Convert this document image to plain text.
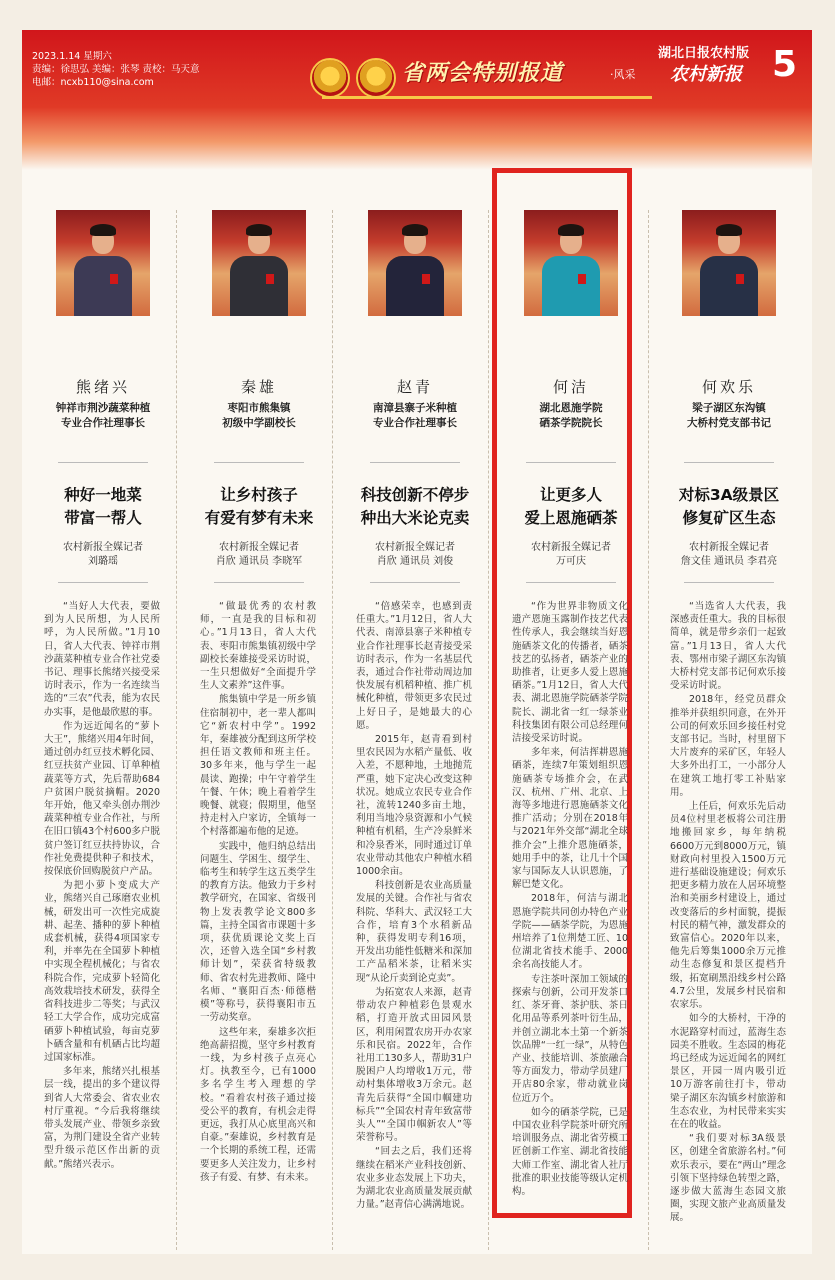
2023.1.14 星期六
责编：徐思弘 美编：张琴 责校：马天意
电邮：ncxb110@sina.com	省两会特别报道	·风采
湖北日报农村版
农村新报 5
熊绪兴
钟祥市荆沙蔬菜种植
专业合作社理事长
种好一地菜
带富一帮人
农村新报全媒记者
刘璐瑶

“当好人大代表，要做到为人民所想，为人民所呼，为人民所做。”1月10日，省人大代表、钟祥市荆沙蔬菜种植专业合作社党委书记、理事长熊绪兴接受采访时表示，作为一名连续当选的“三农”代表，能为农民办实事，是他最欣慰的事。

作为远近闻名的“萝卜大王”，熊绪兴用4年时间，通过创办红豆技术孵化园、红豆扶贫产业园、订单种植蔬菜等方式，先后帮助684户贫困户脱贫摘帽。2020年开始，他又牵头创办荆沙蔬菜种植专业合作社，与所在旧口镇43个村600多户脱贫户签订红豆扶持协议，合作社免费提供种子和技术，按保底价回购脱贫户产品。

为把小萝卜变成大产业，熊绪兴自己琢磨农业机械，研发出可一次性完成旋耕、起垄、播种的萝卜种植成套机械，获得4项国家专利，并率先在全国萝卜种植中实现全程机械化；与省农科院合作，完成萝卜轻简化高效栽培技术研发，获得全省科技进步二等奖；与武汉轻工大学合作，成功完成富硒萝卜种植试验，每亩克萝卜硒含量和有机硒占比均超过国家标准。

多年来，熊绪兴扎根基层一线，提出的多个建议得到省人大常委会、省农业农村厅重视。“今后我将继续带头发展产业、带领乡亲致富，为荆门建设全省产业转型升级示范区作出新的贡献。”熊绪兴表示。

秦雄
枣阳市熊集镇
初级中学副校长
让乡村孩子
有爱有梦有未来
农村新报全媒记者
肖欣 通讯员 李晓军

“做最优秀的农村教师，一直是我的目标和初心。”1月13日，省人大代表、枣阳市熊集镇初级中学副校长秦雄接受采访时说，一生只想做好“全面提升学生人文素养”这件事。

熊集镇中学是一所乡镇住宿制初中，老一辈人都叫它“新农村中学”。1992年，秦雄被分配到这所学校担任语文教师和班主任。30多年来，他与学生一起晨读、跑操；中午守着学生午餐、午休；晚上看着学生晚餐、就寝；假期里，他坚持走村入户家访，全镇每一个村落都遍布他的足迹。

实践中，他归纳总结出问题生、学困生、缀学生、临考生和转学生这五类学生的教育方法。他致力于乡村教学研究，在国家、省级刊物上发表教学论文800多篇，主持全国省市课题十多项，获优质课论文奖上百次，还曾入选全国“乡村教师计划”，荣获省特级教师、省农村先进教师、隆中名师、“襄阳百杰·师德楷模”等称号，获得襄阳市五一劳动奖章。

这些年来，秦雄多次拒绝高薪招揽，坚守乡村教育一线，为乡村孩子点亮心灯。执教至今，已有1000多名学生考入理想的学校。“看着农村孩子通过接受公平的教育，有机会走得更远，我打从心底里高兴和自豪。”秦雄说，乡村教育是一个长期的系统工程，还需要更多人关注发力，让乡村孩子有爱、有梦、有未来。

赵青
南漳县寨子米种植
专业合作社理事长
科技创新不停步
种出大米论克卖
农村新报全媒记者
肖欣 通讯员 刘俊

“倍感荣幸，也感到责任重大。”1月12日，省人大代表、南漳县寨子米种植专业合作社理事长赵青接受采访时表示，作为一名基层代表，通过合作社带动周边加快发展有机稻种植、推广机械化种植，带领更多农民过上好日子，是她最大的心愿。

2015年，赵青看到村里农民因为水稻产量低、收入差，不愿种地，土地抛荒严重，她下定决心改变这种状况。她成立农民专业合作社，流转1240多亩土地，利用当地冷泉资源和小气候种植有机稻，生产冷泉鲜米和冷泉香米，同时通过订单农业带动其他农户种植水稻1000余亩。

科技创新是农业高质量发展的关键。合作社与省农科院、华科大、武汉轻工大合作，培育3个水稻新品种，获得发明专利16项，开发出功能性低糖米和深加工产品稻米茶，让稻米实现“从论斤卖到论克卖”。

为拓宽农人来源，赵青带动农户种植彩色景观水稻，打造开放式田园风景区，利用闲置农房开办农家乐和民宿。2022年，合作社用工130多人，帮助31户脱困户人均增收1万元，带动村集体增收3万余元。赵青先后获得“全国巾帼建功标兵”“全国农村青年致富带头人”“全国巾帼新农人”等荣誉称号。

“回去之后，我们还将继续在稻米产业科技创新、农业多业态发展上下功夫，为湖北农业高质量发展贡献力量。”赵青信心满满地说。

何洁
湖北恩施学院
硒茶学院院长
让更多人
爱上恩施硒茶
农村新报全媒记者
万可庆

“作为世界非物质文化遗产恩施玉露制作技艺代表性传承人，我会继续当好恩施硒茶文化的传播者，硒茶技艺的弘扬者，硒茶产业的助推者，让更多人爱上恩施硒茶。”1月12日，省人大代表、湖北恩施学院硒茶学院院长、湖北省一红一绿茶业科技集团有限公司总经理何洁接受采访时说。

多年来，何洁挥耕恩施硒茶，连续7年策划组织恩施硒茶专场推介会，在武汉、杭州、广州、北京、上海等多地进行恩施硒茶文化推广活动；分别在2018年与2021年外交部“湖北全球推介会”上推介恩施硒茶，她用手中的茶，让几十个国家与国际友人认识恩施，了解巴楚文化。

2018年，何洁与湖北恩施学院共同创办特色产业学院——硒茶学院，为恩施州培养了1位荆楚工匠、10位湖北省技术能手、2000余名高技能人才。

专注茶叶深加工领域的探索与创新，公司开发茶口红、茶牙膏、茶护肤、茶日化用品等系列茶叶衍生品，并创立湖北本土第一个新茶饮品牌“一红一绿”，从特色产业、技能培训、茶旅融合等方面发力，带动学员建厂开店80余家，带动就业岗位近万个。

如今的硒茶学院，已是中国农业科学院茶叶研究所培训服务点、湖北省劳模工匠创新工作室、湖北省技能大师工作室、湖北省人社厅批准的职业技能等级认定机构。

何欢乐
梁子湖区东沟镇
大桥村党支部书记
对标3A级景区
修复矿区生态
农村新报全媒记者
詹文佳 通讯员 李君亮

“当选省人大代表，我深感责任重大。我的目标很简单，就是带乡亲们一起致富。”1月13日，省人大代表、鄂州市梁子湖区东沟镇大桥村党支部书记何欢乐接受采访时说。

2018年，经党员群众推举并获组织同意，在外开公司的何欢乐回乡接任村党支部书记。当时，村里留下大片废弃的采矿区，年轻人大多外出打工，一小部分人在建筑工地打零工补贴家用。

上任后，何欢乐先后动员4位村里老板将公司注册地搬回家乡，每年纳税6600万元到8000万元，镇财政向村里投入1500万元进行基础设施建设；何欢乐把更多精力放在人居环境整治和美丽乡村建设上，通过改变落后的乡村面貌，提振村民的精气神，激发群众的致富信心。2020年以来，他先后筹集1000余万元推动生态修复和景区提档升级，拓宽刷黑沿线乡村公路4.7公里，发展乡村民宿和农家乐。

如今的大桥村，干净的水泥路穿村而过，蓝海生态园美不胜收。生态园的梅花坞已经成为远近闻名的网红景区，开园一周内吸引近10万游客前往打卡，带动梁子湖区东沟镇乡村旅游和生态农业，为村民带来实实在在的收益。

“我们要对标3A级景区，创建全省旅游名村。”何欢乐表示，要在“两山”理念引领下坚持绿色转型之路，逐步做大蓝海生态园文旅圈，实现文旅产业高质量发展。
